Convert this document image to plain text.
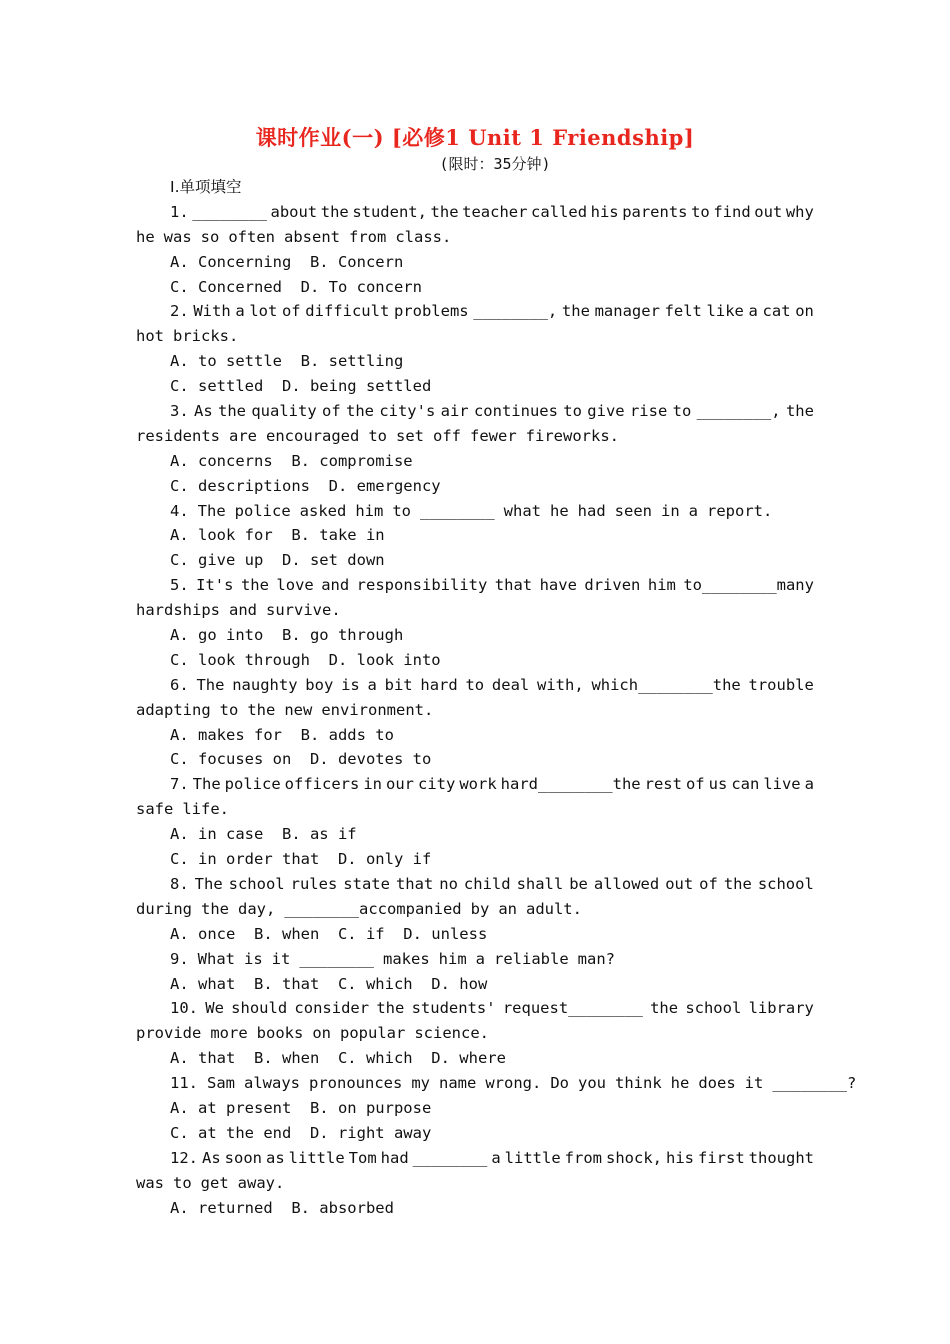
课时作业(一) [必修1 Unit 1 Friendship]
(限时：35分钟)
Ⅰ.单项填空
1. ________ about the student, the teacher called his parents to find out why
he was so often absent from class.
A. Concerning  B. Concern
C. Concerned  D. To concern
2. With a lot of difficult problems ________, the manager felt like a cat on
hot bricks.
A. to settle  B. settling
C. settled  D. being settled
3. As the quality of the city's air continues to give rise to ________, the
residents are encouraged to set off fewer fireworks.
A. concerns  B. compromise
C. descriptions  D. emergency
4. The police asked him to ________ what he had seen in a report.
A. look for  B. take in
C. give up  D. set down
5. It's the love and responsibility that have driven him to________many
hardships and survive.
A. go into  B. go through
C. look through  D. look into
6. The naughty boy is a bit hard to deal with, which________the trouble
adapting to the new environment.
A. makes for  B. adds to
C. focuses on  D. devotes to
7. The police officers in our city work hard________the rest of us can live a
safe life.
A. in case  B. as if
C. in order that  D. only if
8. The school rules state that no child shall be allowed out of the school
during the day, ________accompanied by an adult.
A. once  B. when  C. if  D. unless
9. What is it ________ makes him a reliable man?
A. what  B. that  C. which  D. how
10. We should consider the students' request________ the school library
provide more books on popular science.
A. that  B. when  C. which  D. where
11. Sam always pronounces my name wrong. Do you think he does it ________?
A. at present  B. on purpose
C. at the end  D. right away
12. As soon as little Tom had ________ a little from shock, his first thought
was to get away.
A. returned  B. absorbed
